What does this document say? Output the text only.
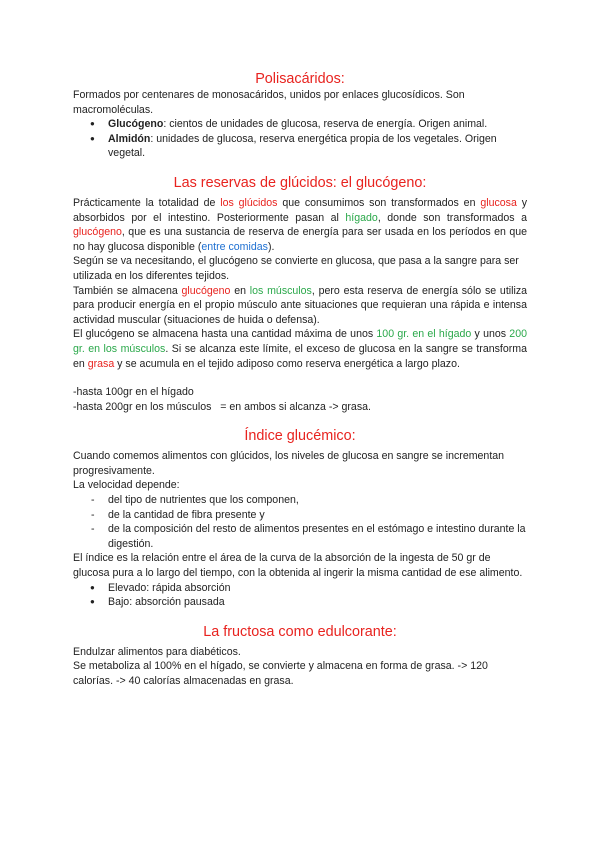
Polisacáridos:

Formados por centenares de monosacáridos, unidos por enlaces glucosídicos. Son macromoléculas.

● Glucógeno: cientos de unidades de glucosa, reserva de energía. Origen animal.
● Almidón: unidades de glucosa, reserva energética propia de los vegetales. Origen vegetal.
Las reservas de glúcidos: el glucógeno:

Prácticamente la totalidad de los glúcidos que consumimos son transformados en glucosa y absorbidos por el intestino. Posteriormente pasan al hígado, donde son transformados a glucógeno, que es una sustancia de reserva de energía para ser usada en los períodos en que no hay glucosa disponible (entre comidas).

Según se va necesitando, el glucógeno se convierte en glucosa, que pasa a la sangre para ser utilizada en los diferentes tejidos.

También se almacena glucógeno en los músculos, pero esta reserva de energía sólo se utiliza para producir energía en el propio músculo ante situaciones que requieran una rápida e intensa actividad muscular (situaciones de huida o defensa).

El glucógeno se almacena hasta una cantidad máxima de unos 100 gr. en el hígado y unos 200 gr. en los músculos. Si se alcanza este límite, el exceso de glucosa en la sangre se transforma en grasa y se acumula en el tejido adiposo como reserva energética a largo plazo.

-hasta 100gr en el hígado

-hasta 200gr en los músculos   = en ambos si alcanza -> grasa.

Índice glucémico:

Cuando comemos alimentos con glúcidos, los niveles de glucosa en sangre se incrementan progresivamente.

La velocidad depende:

- del tipo de nutrientes que los componen,
- de la cantidad de fibra presente y
- de la composición del resto de alimentos presentes en el estómago e intestino durante la digestión.

El índice es la relación entre el área de la curva de la absorción de la ingesta de 50 gr de glucosa pura a lo largo del tiempo, con la obtenida al ingerir la misma cantidad de ese alimento.

● Elevado: rápida absorción
● Bajo: absorción pausada
La fructosa como edulcorante:

Endulzar alimentos para diabéticos.

Se metaboliza al 100% en el hígado, se convierte y almacena en forma de grasa. -> 120 calorías. -> 40 calorías almacenadas en grasa.
